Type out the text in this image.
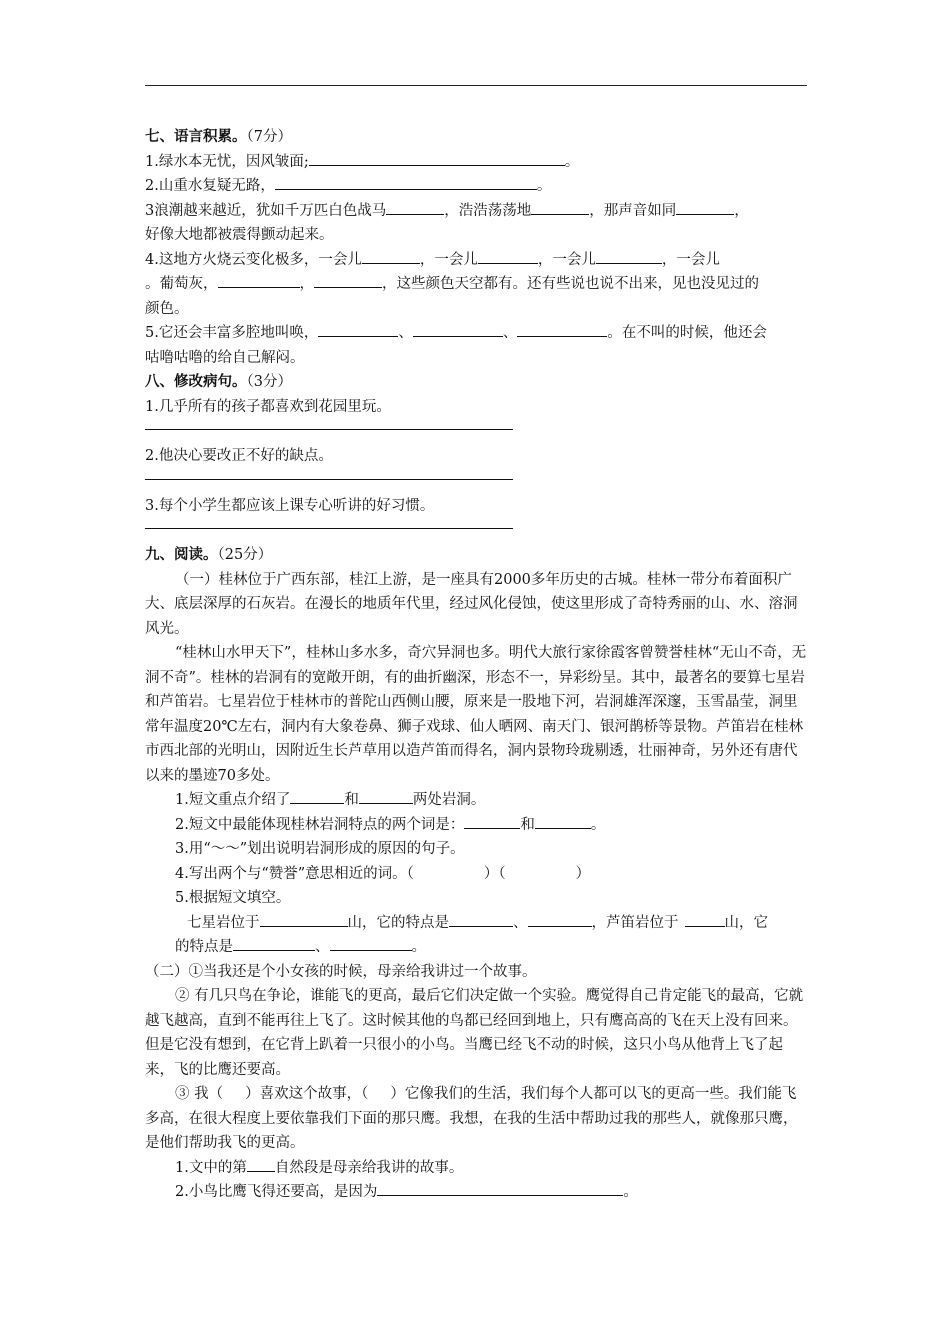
七、语言积累。（7分）
1.绿水本无忧，因风皱面;	。
2.山重水复疑无路，	。
3浪潮越来越近，犹如千万匹白色战马	，浩浩荡荡地	，那声音如同	，
好像大地都被震得颤动起来。
4.这地方火烧云变化极多，一会儿	，一会儿	，一会儿	，一会儿
。葡萄灰，	，	，这些颜色天空都有。还有些说也说不出来，见也没见过的
颜色。
5.它还会丰富多腔地叫唤，	、	、	。在不叫的时候，他还会
咕噜咕噜的给自己解闷。
八、修改病句。（3分）
1.几乎所有的孩子都喜欢到花园里玩。
2.他决心要改正不好的缺点。
3.每个小学生都应该上课专心听讲的好习惯。
九、阅读。（25分）
（一）桂林位于广西东部，桂江上游，是一座具有2000多年历史的古城。桂林一带分布着面积广大、底层深厚的石灰岩。在漫长的地质年代里，经过风化侵蚀，使这里形成了奇特秀丽的山、水、溶洞风光。
“桂林山水甲天下”，桂林山多水多，奇穴异洞也多。明代大旅行家徐霞客曾赞誉桂林“无山不奇，无洞不奇”。桂林的岩洞有的宽敞开朗，有的曲折幽深，形态不一，异彩纷呈。其中，最著名的要算七星岩和芦笛岩。七星岩位于桂林市的普陀山西侧山腰，原来是一股地下河，岩洞雄浑深邃，玉雪晶莹，洞里常年温度20℃左右，洞内有大象卷鼻、狮子戏球、仙人晒网、南天门、银河鹊桥等景物。芦笛岩在桂林市西北部的光明山，因附近生长芦草用以造芦笛而得名，洞内景物玲珑剔透，壮丽神奇，另外还有唐代以来的墨迹70多处。
1.短文重点介绍了	和	两处岩洞。
2.短文中最能体现桂林岩洞特点的两个词是：	和	。
3.用“～～”划出说明岩洞形成的原因的句子。
4.写出两个与“赞誉”意思相近的词。（	）（	）
5.根据短文填空。
七星岩位于	山，它的特点是	、	，芦笛岩位于	山，它
的特点是	、	。
（二）①当我还是个小女孩的时候，母亲给我讲过一个故事。
② 有几只鸟在争论，谁能飞的更高，最后它们决定做一个实验。鹰觉得自己肯定能飞的最高，它就越飞越高，直到不能再往上飞了。这时候其他的鸟都已经回到地上，只有鹰高高的飞在天上没有回来。但是它没有想到，在它背上趴着一只很小的小鸟。当鹰已经飞不动的时候，这只小鸟从他背上飞了起来，飞的比鹰还要高。
③ 我（ ）喜欢这个故事，（ ）它像我们的生活，我们每个人都可以飞的更高一些。我们能飞多高，在很大程度上要依靠我们下面的那只鹰。我想，在我的生活中帮助过我的那些人，就像那只鹰，是他们帮助我飞的更高。
1.文中的第 自然段是母亲给我讲的故事。
2.小鸟比鹰飞得还要高，是因为	。
